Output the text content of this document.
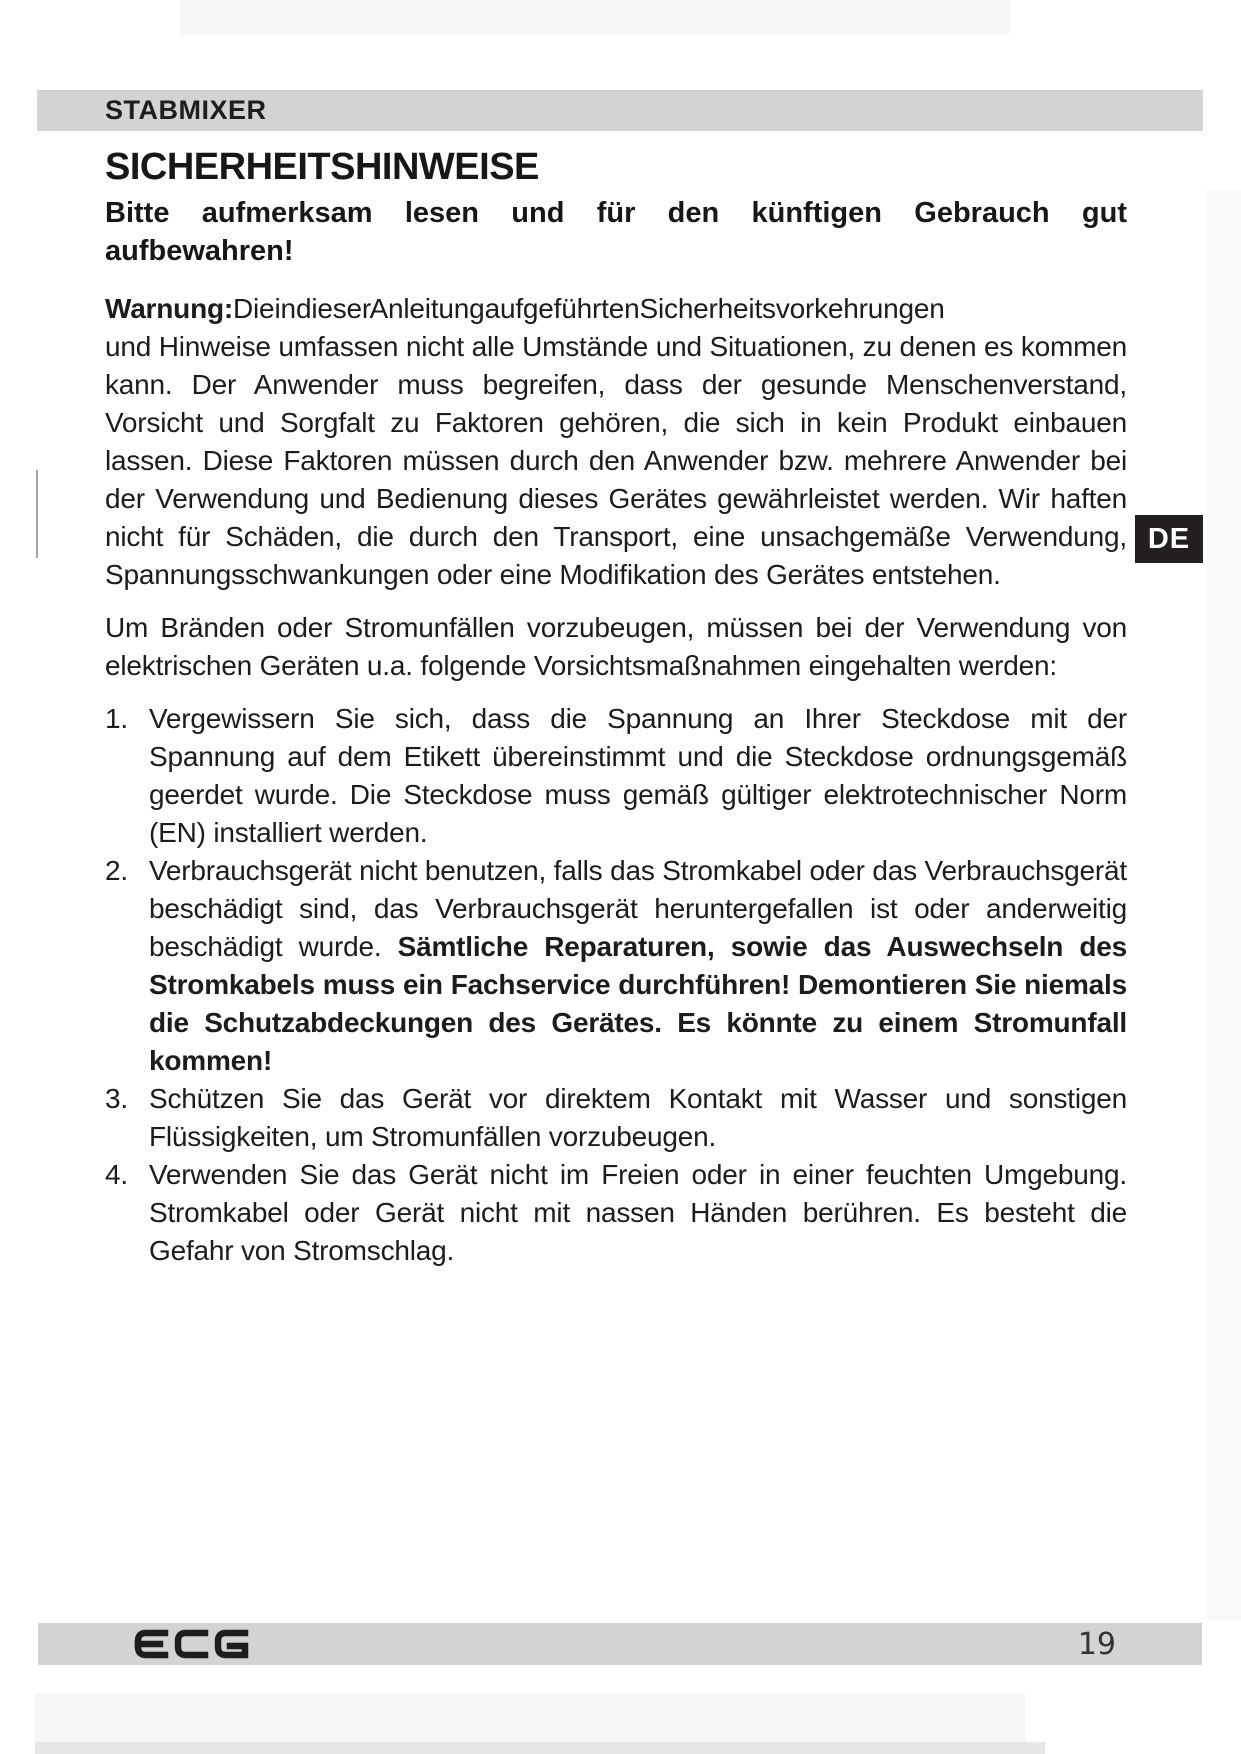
STABMIXER
DE
SICHERHEITSHINWEISE
Bitte aufmerksam lesen und für den künftigen Gebrauch gut aufbewahren!
Warnung:Die in dieser Anleitung aufgeführten Sicherheitsvorkehrungen
und Hinweise umfassen nicht alle Umstände und Situationen, zu denen es kommen kann. Der Anwender muss begreifen, dass der gesunde Menschenverstand, Vorsicht und Sorgfalt zu Faktoren gehören, die sich in kein Produkt einbauen lassen. Diese Faktoren müssen durch den Anwender bzw. mehrere Anwender bei der Verwendung und Bedienung dieses Gerätes gewährleistet werden. Wir haften nicht für Schäden, die durch den Transport, eine unsachgemäße Verwendung, Spannungsschwankungen oder eine Modifikation des Gerätes entstehen.
Um Bränden oder Stromunfällen vorzubeugen, müssen bei der Verwendung von elektrischen Geräten u.a. folgende Vorsichtsmaßnahmen eingehalten werden:
1. Vergewissern Sie sich, dass die Spannung an Ihrer Steckdose mit der Spannung auf dem Etikett übereinstimmt und die Steckdose ordnungsgemäß geerdet wurde. Die Steckdose muss gemäß gültiger elektrotechnischer Norm (EN) installiert werden.
2. Verbrauchsgerät nicht benutzen, falls das Stromkabel oder das Verbrauchsgerät beschädigt sind, das Verbrauchsgerät heruntergefallen ist oder anderweitig beschädigt wurde. Sämtliche Reparaturen, sowie das Auswechseln des Stromkabels muss ein Fachservice durchführen! Demontieren Sie niemals die Schutzabdeckungen des Gerätes. Es könnte zu einem Stromunfall kommen!
3. Schützen Sie das Gerät vor direktem Kontakt mit Wasser und sonstigen Flüssigkeiten, um Stromunfällen vorzubeugen.
4. Verwenden Sie das Gerät nicht im Freien oder in einer feuchten Umgebung. Stromkabel oder Gerät nicht mit nassen Händen berühren. Es besteht die Gefahr von Stromschlag.
19
